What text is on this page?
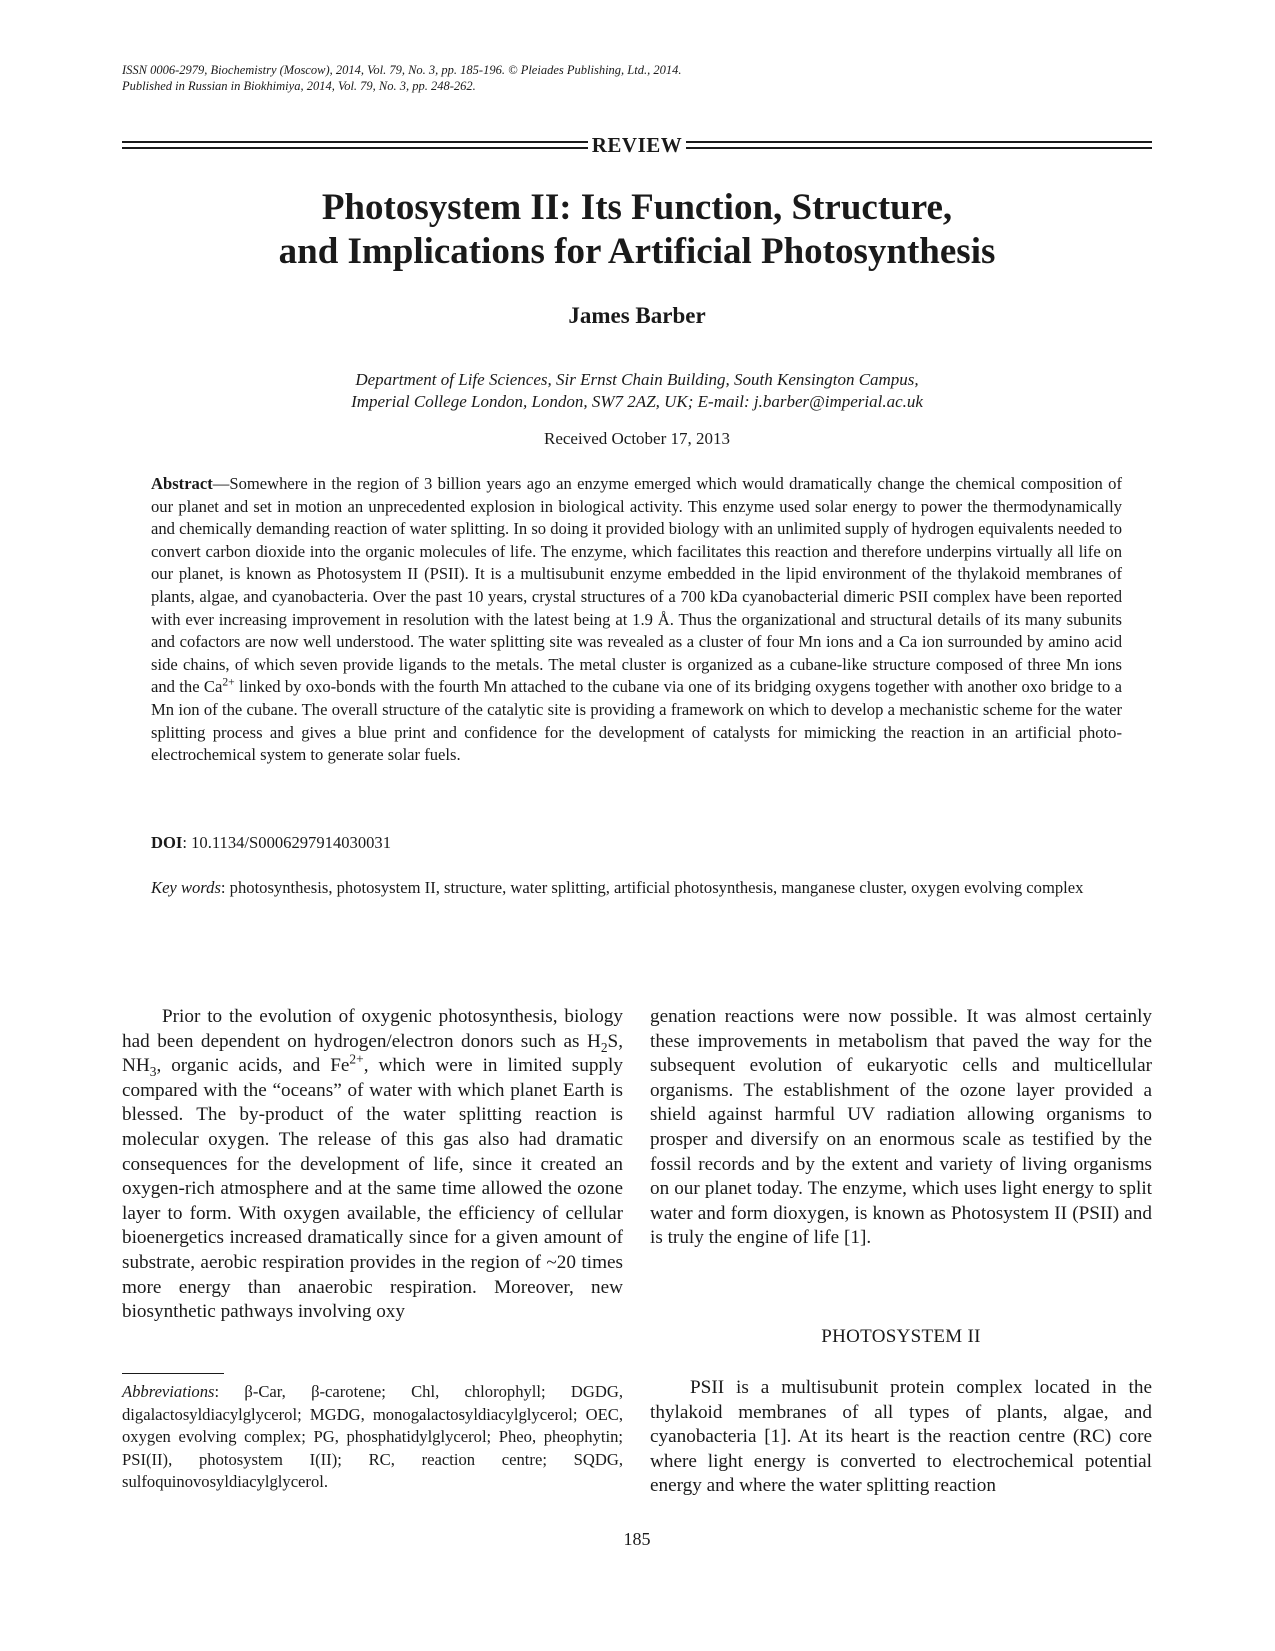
ISSN 0006-2979, Biochemistry (Moscow), 2014, Vol. 79, No. 3, pp. 185-196. © Pleiades Publishing, Ltd., 2014.
Published in Russian in Biokhimiya, 2014, Vol. 79, No. 3, pp. 248-262.
REVIEW
Photosystem II: Its Function, Structure,
and Implications for Artificial Photosynthesis
James Barber
Department of Life Sciences, Sir Ernst Chain Building, South Kensington Campus,
Imperial College London, London, SW7 2AZ, UK; E-mail: j.barber@imperial.ac.uk
Received October 17, 2013

Abstract—Somewhere in the region of 3 billion years ago an enzyme emerged which would dramatically change the chemical composition of our planet and set in motion an unprecedented explosion in biological activity. This enzyme used solar energy to power the thermodynamically and chemically demanding reaction of water splitting. In so doing it provided biology with an unlimited supply of hydrogen equivalents needed to convert carbon dioxide into the organic molecules of life. The enzyme, which facilitates this reaction and therefore underpins virtually all life on our planet, is known as Photosystem II (PSII). It is a multisubunit enzyme embedded in the lipid environment of the thylakoid membranes of plants, algae, and cyanobacteria. Over the past 10 years, crystal structures of a 700 kDa cyanobacterial dimeric PSII complex have been reported with ever increasing improvement in resolution with the latest being at 1.9 Å. Thus the organizational and structural details of its many subunits and cofactors are now well understood. The water splitting site was revealed as a cluster of four Mn ions and a Ca ion surrounded by amino acid side chains, of which seven provide ligands to the metals. The metal cluster is organized as a cubane-like structure composed of three Mn ions and the $Ca^{2+}$ linked by oxo-bonds with the fourth Mn attached to the cubane via one of its bridging oxygens together with another oxo bridge to a Mn ion of the cubane. The overall structure of the catalytic site is providing a framework on which to develop a mechanistic scheme for the water splitting process and gives a blue print and confidence for the development of catalysts for mimicking the reaction in an artificial photo-electrochemical system to generate solar fuels.

DOI: 10.1134/S0006297914030031

Key words: photosynthesis, photosystem II, structure, water splitting, artificial photosynthesis, manganese cluster, oxygen evolving complex

Prior to the evolution of oxygenic photosynthesis, biology had been dependent on hydrogen/electron donors such as $H_2S$, $NH_3$, organic acids, and $Fe^{2+}$, which were in limited supply compared with the “oceans” of water with which planet Earth is blessed. The by-product of the water splitting reaction is molecular oxygen. The release of this gas also had dramatic consequences for the development of life, since it created an oxygen-rich atmosphere and at the same time allowed the ozone layer to form. With oxygen available, the efficiency of cellular bioenergetics increased dramatically since for a given amount of substrate, aerobic respiration provides in the region of ~20 times more energy than anaerobic respiration. Moreover, new biosynthetic pathways involving oxy

genation reactions were now possible. It was almost certainly these improvements in metabolism that paved the way for the subsequent evolution of eukaryotic cells and multicellular organisms. The establishment of the ozone layer provided a shield against harmful UV radiation allowing organisms to prosper and diversify on an enormous scale as testified by the fossil records and by the extent and variety of living organisms on our planet today. The enzyme, which uses light energy to split water and form dioxygen, is known as Photosystem II (PSII) and is truly the engine of life [1].

PHOTOSYSTEM II

PSII is a multisubunit protein complex located in the thylakoid membranes of all types of plants, algae, and cyanobacteria [1]. At its heart is the reaction centre (RC) core where light energy is converted to electrochemical potential energy and where the water splitting reaction

Abbreviations: β-Car, β-carotene; Chl, chlorophyll; DGDG, digalactosyldiacylglycerol; MGDG, monogalactosyldiacylglycerol; OEC, oxygen evolving complex; PG, phosphatidylglycerol; Pheo, pheophytin; PSI(II), photosystem I(II); RC, reaction centre; SQDG, sulfoquinovosyldiacylglycerol.

185
